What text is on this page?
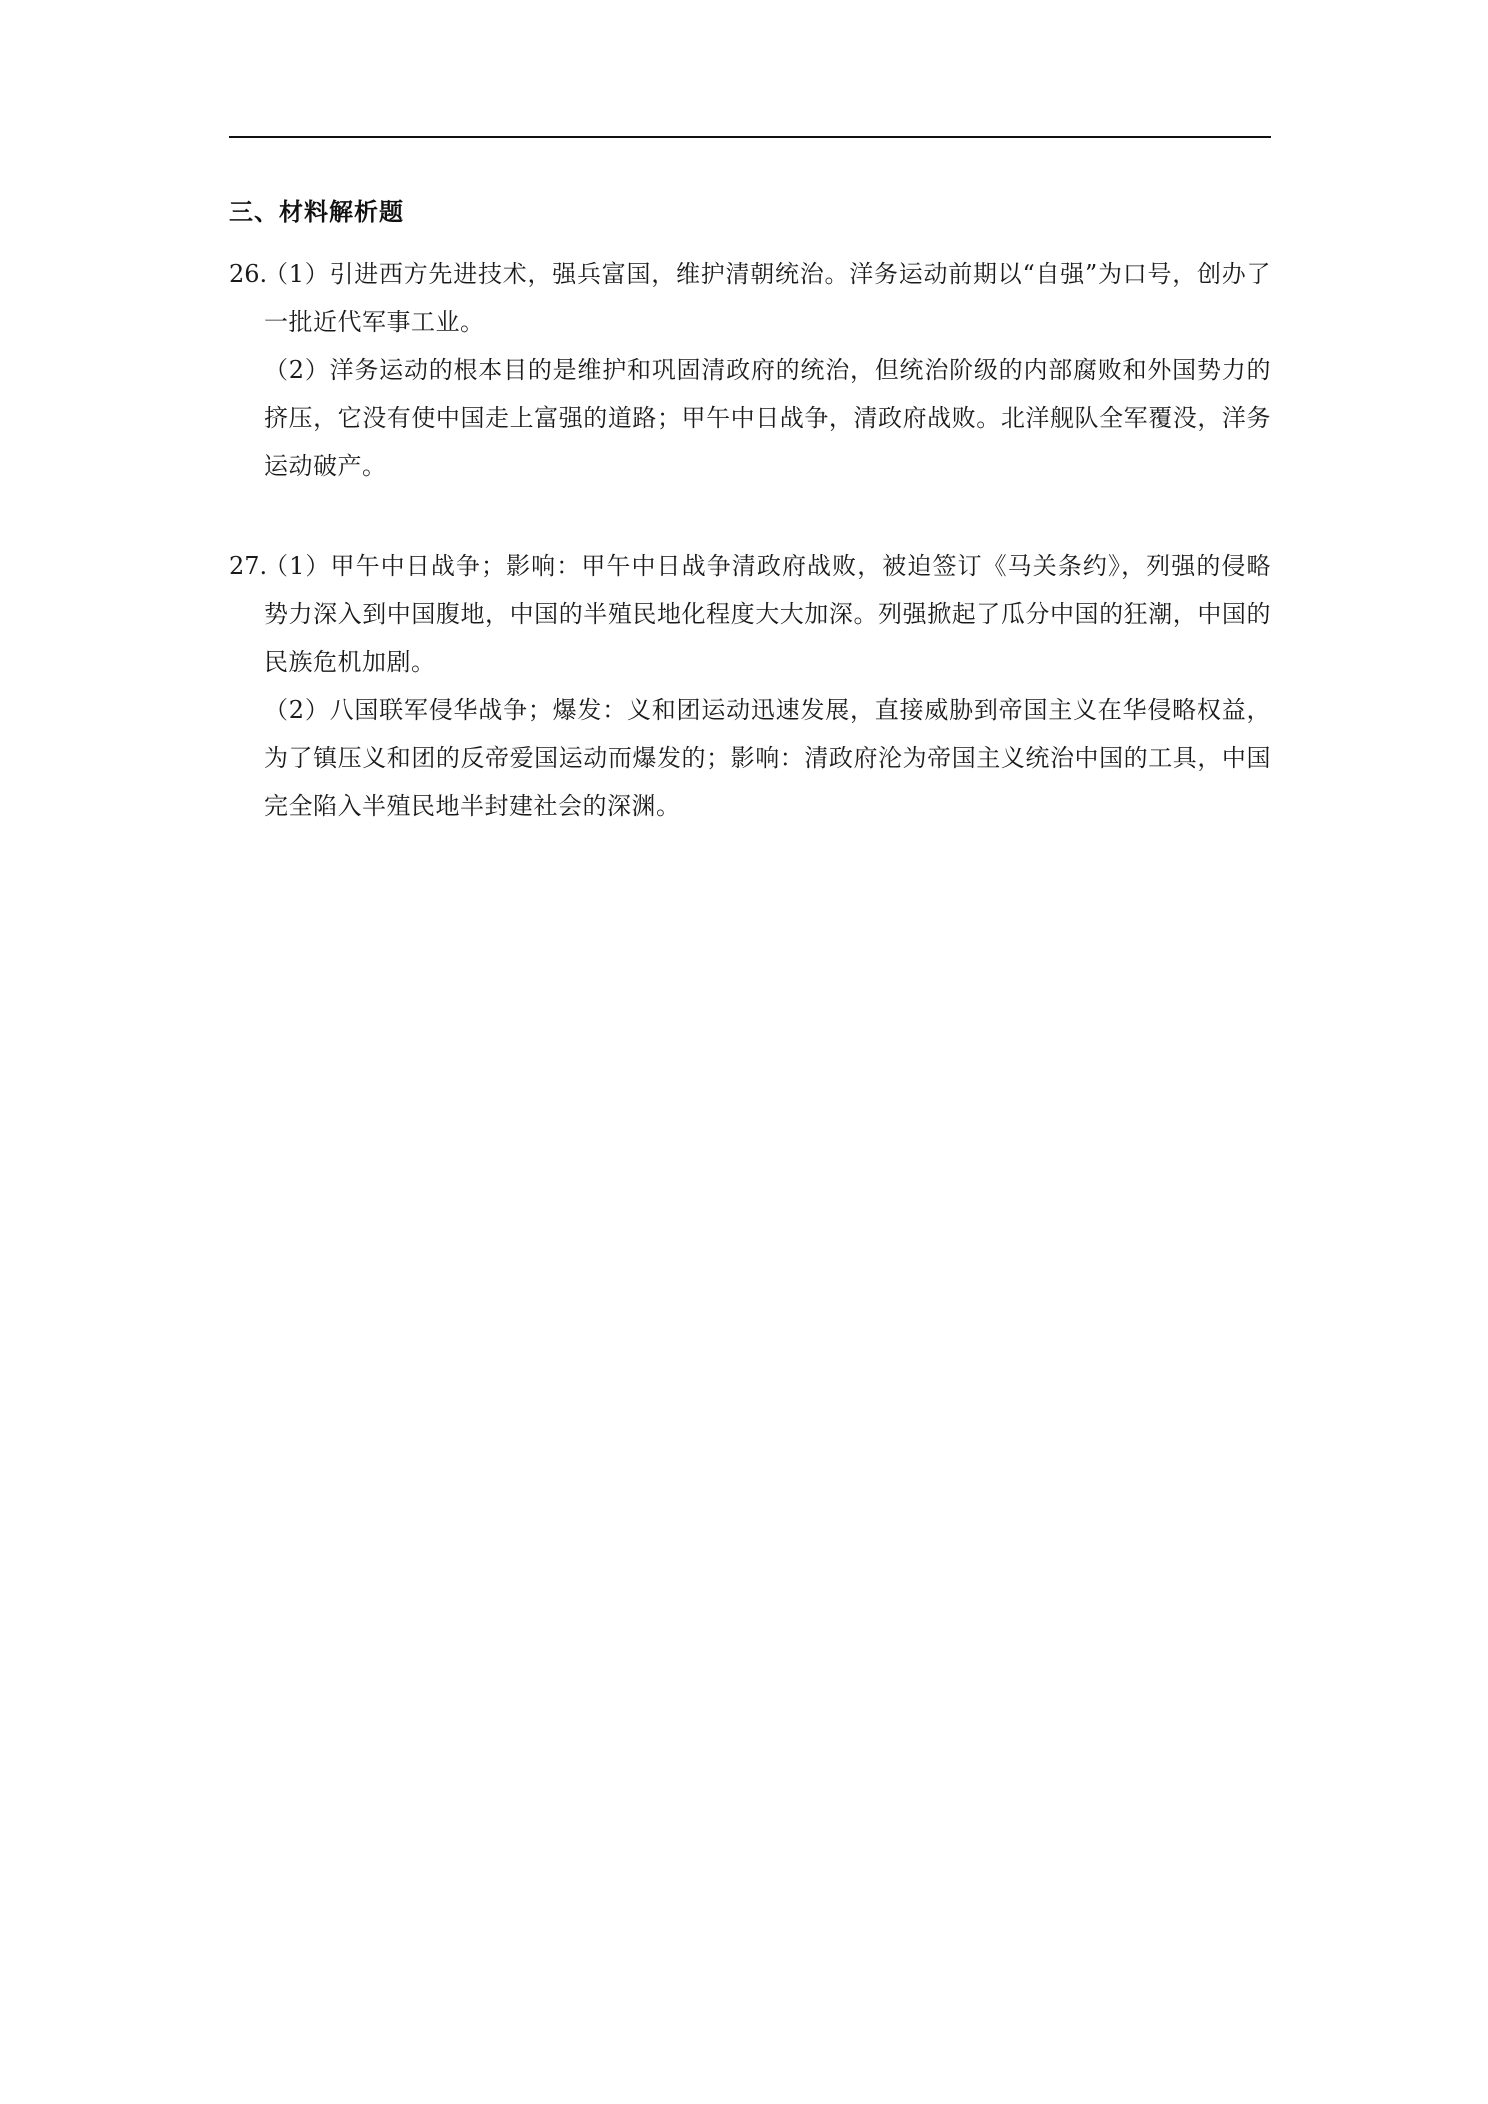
三、材料解析题
26.
（1）引进西方先进技术，强兵富国，维护清朝统治。洋务运动前期以“自强”为口号，创办了一批近代军事工业。
（2）洋务运动的根本目的是维护和巩固清政府的统治，但统治阶级的内部腐败和外国势力的挤压，它没有使中国走上富强的道路；甲午中日战争，清政府战败。北洋舰队全军覆没，洋务运动破产。
27.
（1）甲午中日战争；影响：甲午中日战争清政府战败，被迫签订《马关条约》，列强的侵略势力深入到中国腹地，中国的半殖民地化程度大大加深。列强掀起了瓜分中国的狂潮，中国的民族危机加剧。
（2）八国联军侵华战争；爆发：义和团运动迅速发展，直接威胁到帝国主义在华侵略权益，为了镇压义和团的反帝爱国运动而爆发的；影响：清政府沦为帝国主义统治中国的工具，中国完全陷入半殖民地半封建社会的深渊。
